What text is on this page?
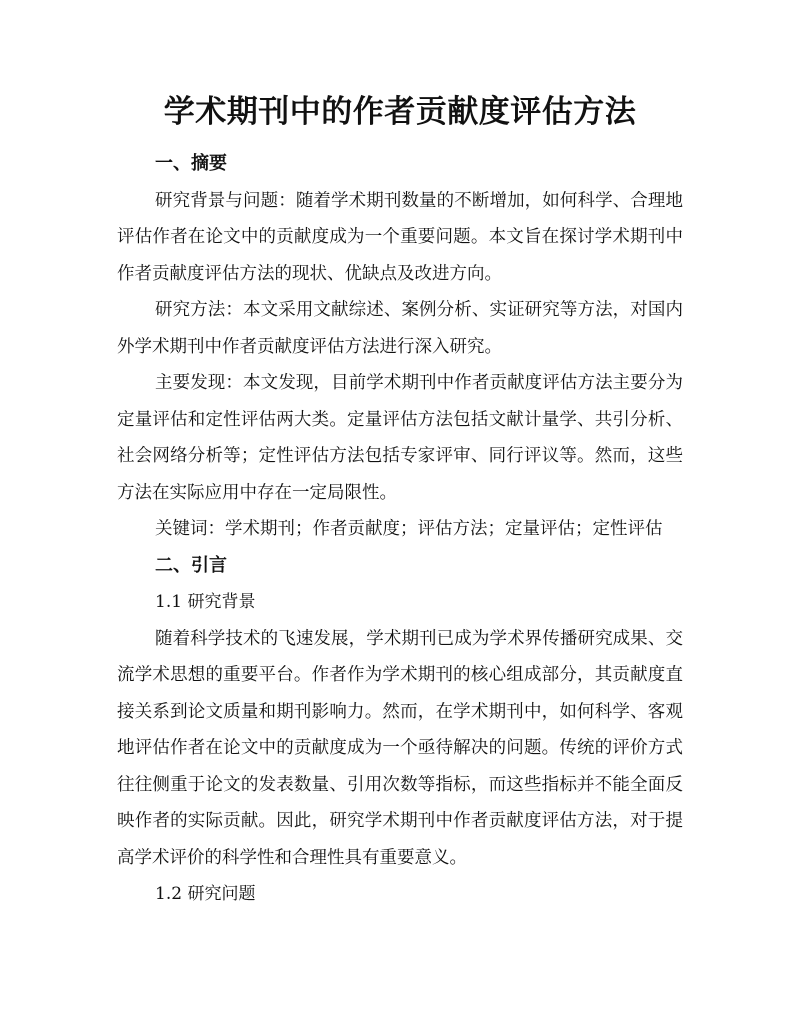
学术期刊中的作者贡献度评估方法

一、摘要

研究背景与问题：随着学术期刊数量的不断增加，如何科学、合理地评估作者在论文中的贡献度成为一个重要问题。本文旨在探讨学术期刊中作者贡献度评估方法的现状、优缺点及改进方向。

研究方法：本文采用文献综述、案例分析、实证研究等方法，对国内外学术期刊中作者贡献度评估方法进行深入研究。

主要发现：本文发现，目前学术期刊中作者贡献度评估方法主要分为定量评估和定性评估两大类。定量评估方法包括文献计量学、共引分析、社会网络分析等；定性评估方法包括专家评审、同行评议等。然而，这些方法在实际应用中存在一定局限性。

关键词：学术期刊；作者贡献度；评估方法；定量评估；定性评估

二、引言

1.1 研究背景

随着科学技术的飞速发展，学术期刊已成为学术界传播研究成果、交流学术思想的重要平台。作者作为学术期刊的核心组成部分，其贡献度直接关系到论文质量和期刊影响力。然而，在学术期刊中，如何科学、客观地评估作者在论文中的贡献度成为一个亟待解决的问题。传统的评价方式往往侧重于论文的发表数量、引用次数等指标，而这些指标并不能全面反映作者的实际贡献。因此，研究学术期刊中作者贡献度评估方法，对于提高学术评价的科学性和合理性具有重要意义。

1.2 研究问题
